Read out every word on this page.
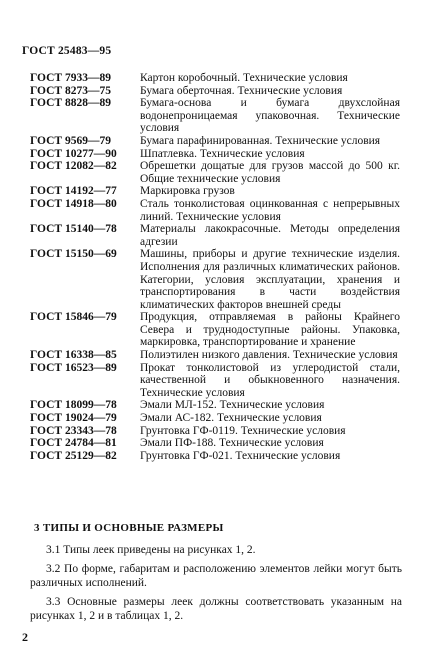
ГОСТ 25483—95
ГОСТ 7933—89	Картон коробочный. Технические условия
ГОСТ 8273—75	Бумага оберточная. Технические условия
ГОСТ 8828—89	Бумага-основа и бумага двухслойная водонепроницаемая упаковочная. Технические условия
ГОСТ 9569—79	Бумага парафинированная. Технические условия
ГОСТ 10277—90	Шпатлевка. Технические условия
ГОСТ 12082—82	Обрешетки дощатые для грузов массой до 500 кг. Общие технические условия
ГОСТ 14192—77	Маркировка грузов
ГОСТ 14918—80	Сталь тонколистовая оцинкованная с непрерывных линий. Технические условия
ГОСТ 15140—78	Материалы лакокрасочные. Методы определения адгезии
ГОСТ 15150—69	Машины, приборы и другие технические изделия. Исполнения для различных климатических районов. Категории, условия эксплуатации, хранения и транспортирования в части воздействия климатических факторов внешней среды
ГОСТ 15846—79	Продукция, отправляемая в районы Крайнего Севера и труднодоступные районы. Упаковка, маркировка, транспортирование и хранение
ГОСТ 16338—85	Полиэтилен низкого давления. Технические условия
ГОСТ 16523—89	Прокат тонколистовой из углеродистой стали, качественной и обыкновенного назначения. Технические условия
ГОСТ 18099—78	Эмали МЛ-152. Технические условия
ГОСТ 19024—79	Эмали АС-182. Технические условия
ГОСТ 23343—78	Грунтовка ГФ-0119. Технические условия
ГОСТ 24784—81	Эмали ПФ-188. Технические условия
ГОСТ 25129—82	Грунтовка ГФ-021. Технические условия
3 ТИПЫ И ОСНОВНЫЕ РАЗМЕРЫ
3.1 Типы леек приведены на рисунках 1, 2.
3.2 По форме, габаритам и расположению элементов лейки могут быть различных исполнений.
3.3 Основные размеры леек должны соответствовать указанным на рисунках 1, 2 и в таблицах 1, 2.
2
